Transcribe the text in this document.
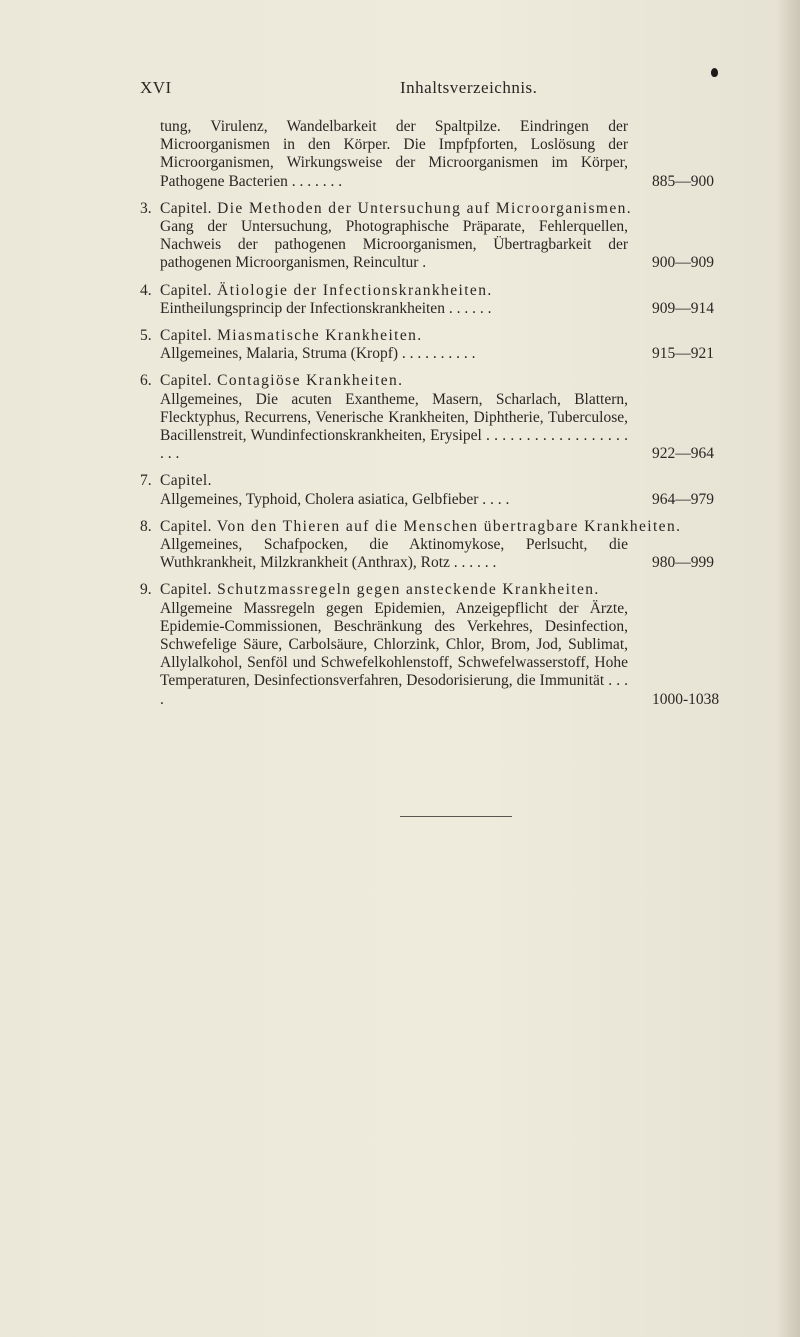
XVI	Inhaltsverzeichnis.
tung, Virulenz, Wandelbarkeit der Spaltpilze. Eindringen der Microorganismen in den Körper. Die Impfpforten, Loslösung der Microorganismen, Wirkungsweise der Microorganismen im Körper, Pathogene Bacterien . . . . . . .	885—900
3. Capitel. Die Methoden der Untersuchung auf Microorganismen.
Gang der Untersuchung, Photographische Präparate, Fehlerquellen, Nachweis der pathogenen Microorganismen, Übertragbarkeit der pathogenen Microorganismen, Reincultur .	900—909
4. Capitel. Ätiologie der Infectionskrankheiten.
Eintheilungsprincip der Infectionskrankheiten . . . . . .	909—914
5. Capitel. Miasmatische Krankheiten.
Allgemeines, Malaria, Struma (Kropf) . . . . . . . . . .	915—921
6. Capitel. Contagiöse Krankheiten.
Allgemeines, Die acuten Exantheme, Masern, Scharlach, Blattern, Flecktyphus, Recurrens, Venerische Krankheiten, Diphtherie, Tuberculose, Bacillenstreit, Wundinfectionskrankheiten, Erysipel . . . . . . . . . . . . . . . . . . . . .	922—964
7. Capitel.
Allgemeines, Typhoid, Cholera asiatica, Gelbfieber . . . .	964—979
8. Capitel. Von den Thieren auf die Menschen übertragbare Krankheiten.
Allgemeines, Schafpocken, die Aktinomykose, Perlsucht, die Wuthkrankheit, Milzkrankheit (Anthrax), Rotz . . . . . .	980—999
9. Capitel. Schutzmassregeln gegen ansteckende Krankheiten.
Allgemeine Massregeln gegen Epidemien, Anzeigepflicht der Ärzte, Epidemie-Commissionen, Beschränkung des Verkehres, Desinfection, Schwefelige Säure, Carbolsäure, Chlorzink, Chlor, Brom, Jod, Sublimat, Allylalkohol, Senföl und Schwefelkohlenstoff, Schwefelwasserstoff, Hohe Temperaturen, Desinfectionsverfahren, Desodorisierung, die Immunität . . . .	1000-1038
